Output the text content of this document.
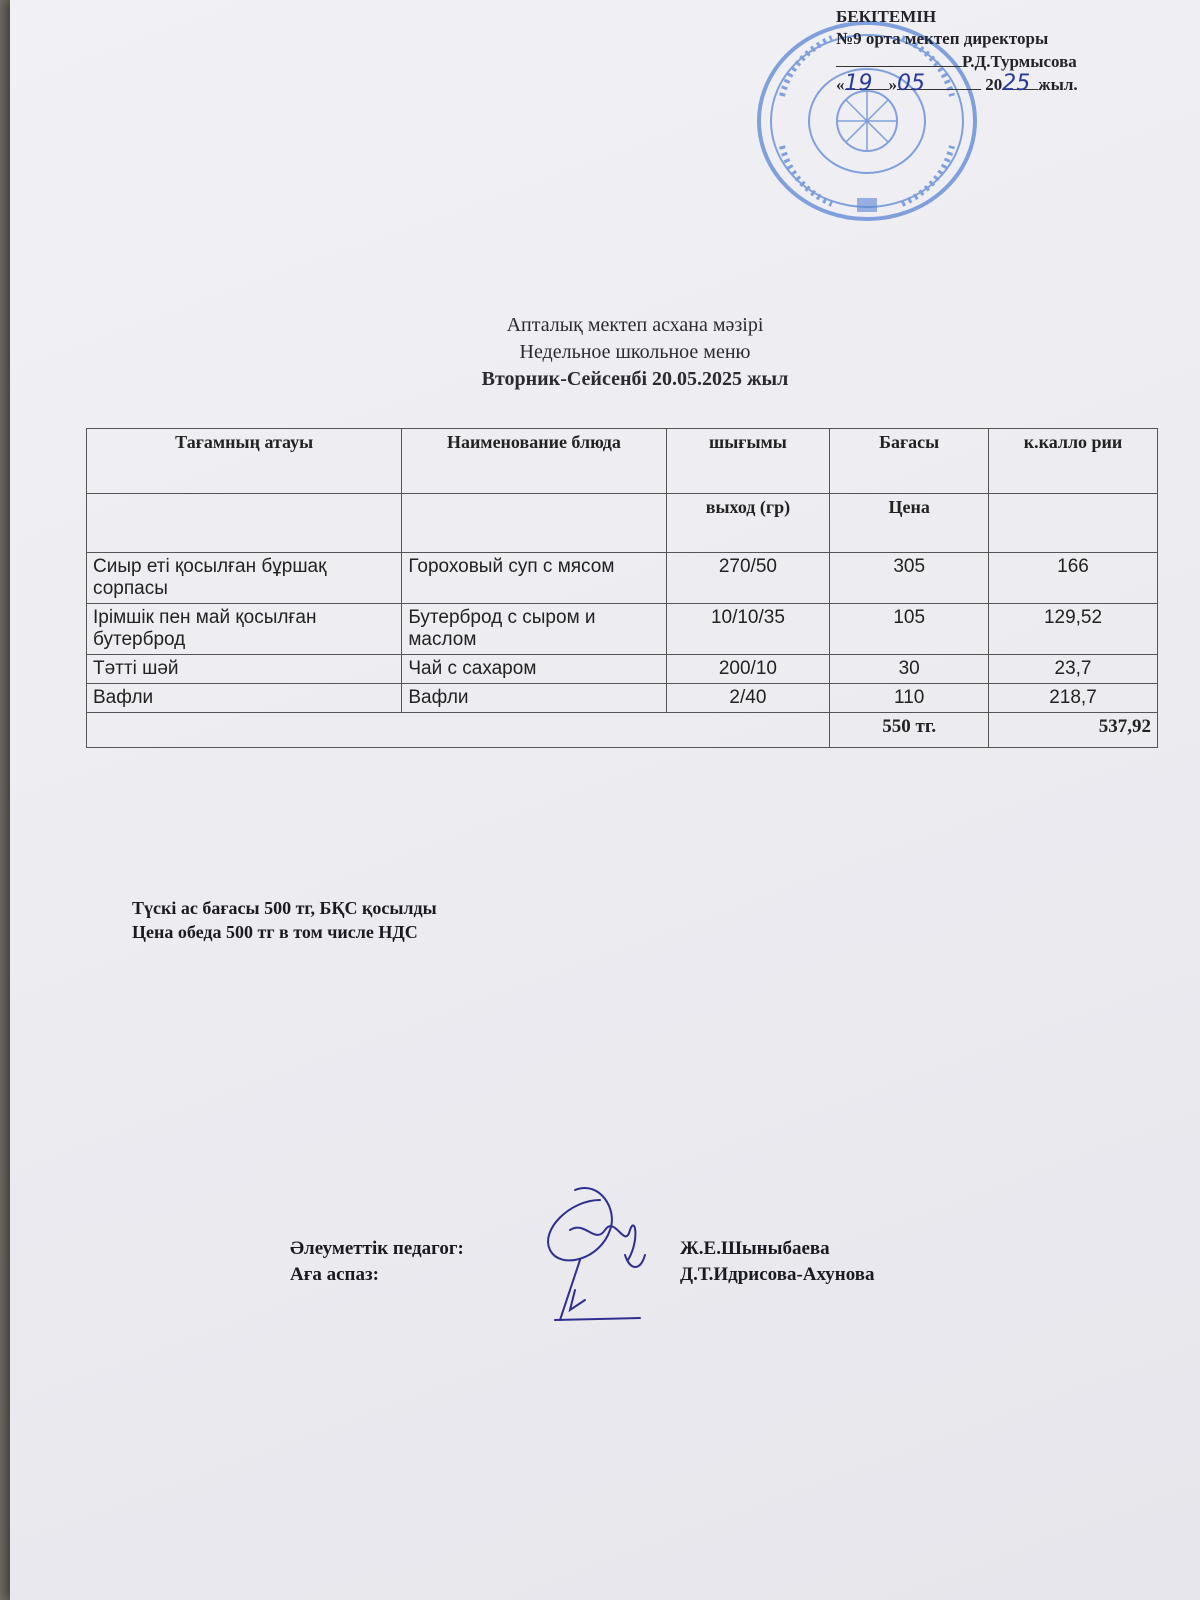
БЕКІТЕМІН
№9 орта мектеп директоры
Р.Д.Турмысова
«19 »05	2025 жыл.
Апталық мектеп асхана мәзірі
Недельное школьное меню
Вторник-Сейсенбі 20.05.2025 жыл
Тағамның атауы	Наименование блюда	шығымы	Бағасы	к.калло рии
		выход (гр)	Цена	
Сиыр еті қосылған бұршақ сорпасы	Гороховый суп с мясом	270/50	305	166
Ірімшік пен май қосылған бутерброд	Бутерброд с сыром и маслом	10/10/35	105	129,52
Тәтті шәй	Чай с сахаром	200/10	30	23,7
Вафли	Вафли	2/40	110	218,7
			550 тг.	537,92
Түскі ас бағасы 500 тг, БҚС қосылды
Цена обеда 500 тг в том числе НДС
Әлеуметтік педагог:	Ж.Е.Шыныбаева
Аға аспаз:	Д.Т.Идрисова-Ахунова
